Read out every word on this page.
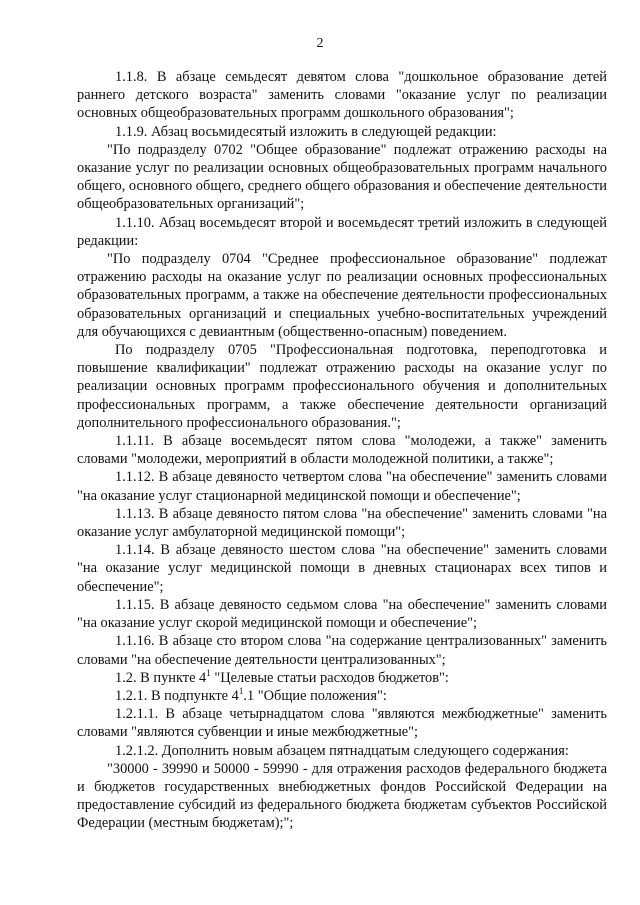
2

1.1.8. В абзаце семьдесят девятом слова "дошкольное образование детей раннего детского возраста" заменить словами "оказание услуг по реализации основных общеобразовательных программ дошкольного образования";

1.1.9. Абзац восьмидесятый изложить в следующей редакции:

"По подразделу 0702 "Общее образование" подлежат отражению расходы на оказание услуг по реализации основных общеобразовательных программ начального общего, основного общего, среднего общего образования и обеспечение деятельности общеобразовательных организаций";

1.1.10. Абзац восемьдесят второй и восемьдесят третий изложить в следующей редакции:

"По подразделу 0704 "Среднее профессиональное образование" подлежат отражению расходы на оказание услуг по реализации основных профессиональных образовательных программ, а также на обеспечение деятельности профессиональных образовательных организаций и специальных учебно-воспитательных учреждений для обучающихся с девиантным (общественно-опасным) поведением.

По подразделу 0705 "Профессиональная подготовка, переподготовка и повышение квалификации" подлежат отражению расходы на оказание услуг по реализации основных программ профессионального обучения и дополнительных профессиональных программ, а также обеспечение деятельности организаций дополнительного профессионального образования.";

1.1.11. В абзаце восемьдесят пятом слова "молодежи, а также" заменить словами "молодежи, мероприятий в области молодежной политики, а также";

1.1.12. В абзаце девяносто четвертом слова "на обеспечение" заменить словами "на оказание услуг стационарной медицинской помощи и обеспечение";

1.1.13. В абзаце девяносто пятом слова "на обеспечение" заменить словами "на оказание услуг амбулаторной медицинской помощи";

1.1.14. В абзаце девяносто шестом слова "на обеспечение" заменить словами "на оказание услуг медицинской помощи в дневных стационарах всех типов и обеспечение";

1.1.15. В абзаце девяносто седьмом слова "на обеспечение" заменить словами "на оказание услуг скорой медицинской помощи и обеспечение";

1.1.16. В абзаце сто втором слова "на содержание централизованных" заменить словами "на обеспечение деятельности централизованных";

1.2. В пункте $4^1$ "Целевые статьи расходов бюджетов":

1.2.1. В подпункте $4^1.1$ "Общие положения":

1.2.1.1. В абзаце четырнадцатом слова "являются межбюджетные" заменить словами "являются субвенции и иные межбюджетные";

1.2.1.2. Дополнить новым абзацем пятнадцатым следующего содержания:

"30000 - 39990 и 50000 - 59990 - для отражения расходов федерального бюджета и бюджетов государственных внебюджетных фондов Российской Федерации на предоставление субсидий из федерального бюджета бюджетам субъектов Российской Федерации (местным бюджетам);";
